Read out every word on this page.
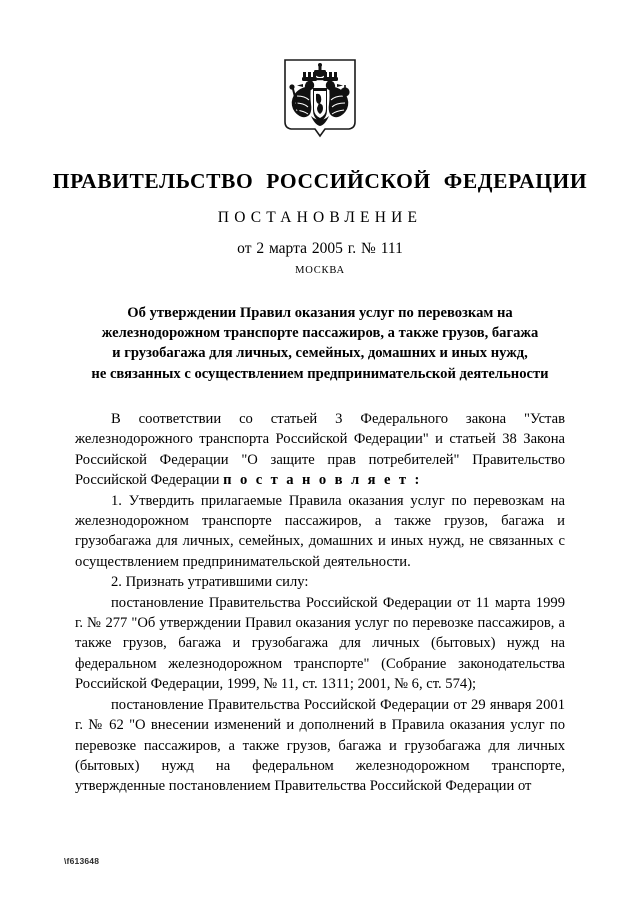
ПРАВИТЕЛЬСТВО РОССИЙСКОЙ ФЕДЕРАЦИИ
ПОСТАНОВЛЕНИЕ
от 2 марта 2005 г. № 111
МОСКВА
Об утверждении Правил оказания услуг по перевозкам на
железнодорожном транспорте пассажиров, а также грузов, багажа
и грузобагажа для личных, семейных, домашних и иных нужд,
не связанных с осуществлением предпринимательской деятельности

В соответствии со статьей 3 Федерального закона "Устав железнодорожного транспорта Российской Федерации" и статьей 38 Закона Российской Федерации "О защите прав потребителей" Правительство Российской Федерации п о с т а н о в л я е т :

1. Утвердить прилагаемые Правила оказания услуг по перевозкам на железнодорожном транспорте пассажиров, а также грузов, багажа и грузобагажа для личных, семейных, домашних и иных нужд, не связанных с осуществлением предпринимательской деятельности.

2. Признать утратившими силу:

постановление Правительства Российской Федерации от 11 марта 1999 г. № 277 "Об утверждении Правил оказания услуг по перевозке пассажиров, а также грузов, багажа и грузобагажа для личных (бытовых) нужд на федеральном железнодорожном транспорте" (Собрание законодательства Российской Федерации, 1999, № 11, ст. 1311; 2001, № 6, ст. 574);

постановление Правительства Российской Федерации от 29 января 2001 г. № 62 "О внесении изменений и дополнений в Правила оказания услуг по перевозке пассажиров, а также грузов, багажа и грузобагажа для личных (бытовых) нужд на федеральном железнодорожном транспорте, утвержденные постановлением Правительства Российской Федерации от

\f613648
